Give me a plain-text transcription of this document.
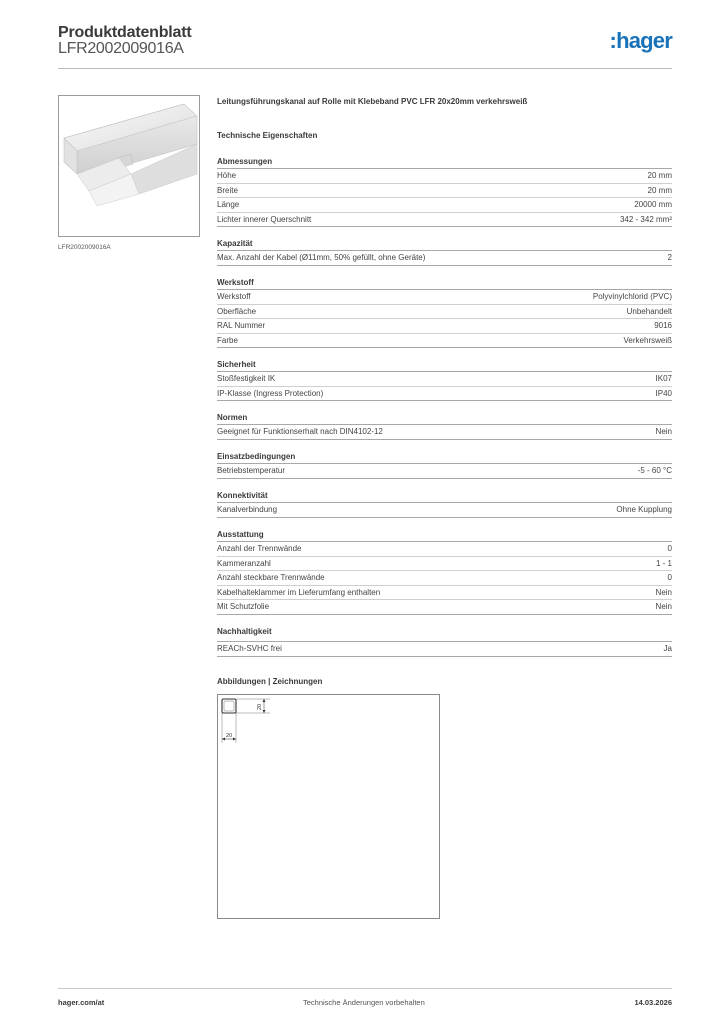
Produktdatenblatt
LFR2002009016A	:hager
LFR2002009016A
Leitungsführungskanal auf Rolle mit Klebeband PVC LFR 20x20mm verkehrsweiß
Technische Eigenschaften
Abmessungen
Höhe	20 mm
Breite	20 mm
Länge	20000 mm
Lichter innerer Querschnitt	342 - 342 mm²
Kapazität
Max. Anzahl der Kabel (Ø11mm, 50% gefüllt, ohne Geräte)	2
Werkstoff
Werkstoff	Polyvinylchlorid (PVC)
Oberfläche	Unbehandelt
RAL Nummer	9016
Farbe	Verkehrsweiß
Sicherheit
Stoßfestigkeit IK	IK07
IP-Klasse (Ingress Protection)	IP40
Normen
Geeignet für Funktionserhalt nach DIN4102-12	Nein
Einsatzbedingungen
Betriebstemperatur	-5 - 60 °C
Konnektivität
Kanalverbindung	Ohne Kupplung
Ausstattung
Anzahl der Trennwände	0
Kammeranzahl	1 - 1
Anzahl steckbare Trennwände	0
Kabelhalteklammer im Lieferumfang enthalten	Nein
Mit Schutzfolie	Nein
Nachhaltigkeit
REACh-SVHC frei	Ja
Abbildungen | Zeichnungen
20
20
hager.com/at	Technische Änderungen vorbehalten	14.03.2026
